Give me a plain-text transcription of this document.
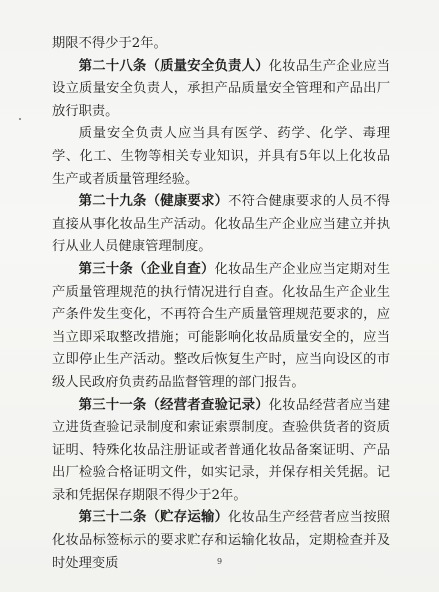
期限不得少于2年。

第二十八条（质量安全负责人）化妆品生产企业应当设立质量安全负责人，承担产品质量安全管理和产品出厂放行职责。

质量安全负责人应当具有医学、药学、化学、毒理学、化工、生物等相关专业知识，并具有5年以上化妆品生产或者质量管理经验。

第二十九条（健康要求）不符合健康要求的人员不得直接从事化妆品生产活动。化妆品生产企业应当建立并执行从业人员健康管理制度。

第三十条（企业自查）化妆品生产企业应当定期对生产质量管理规范的执行情况进行自查。化妆品生产企业生产条件发生变化，不再符合生产质量管理规范要求的，应当立即采取整改措施；可能影响化妆品质量安全的，应当立即停止生产活动。整改后恢复生产时，应当向设区的市级人民政府负责药品监督管理的部门报告。

第三十一条（经营者查验记录）化妆品经营者应当建立进货查验记录制度和索证索票制度。查验供货者的资质证明、特殊化妆品注册证或者普通化妆品备案证明、产品出厂检验合格证明文件，如实记录，并保存相关凭据。记录和凭据保存期限不得少于2年。

第三十二条（贮存运输）化妆品生产经营者应当按照化妆品标签标示的要求贮存和运输化妆品，定期检查并及时处理变质	9
